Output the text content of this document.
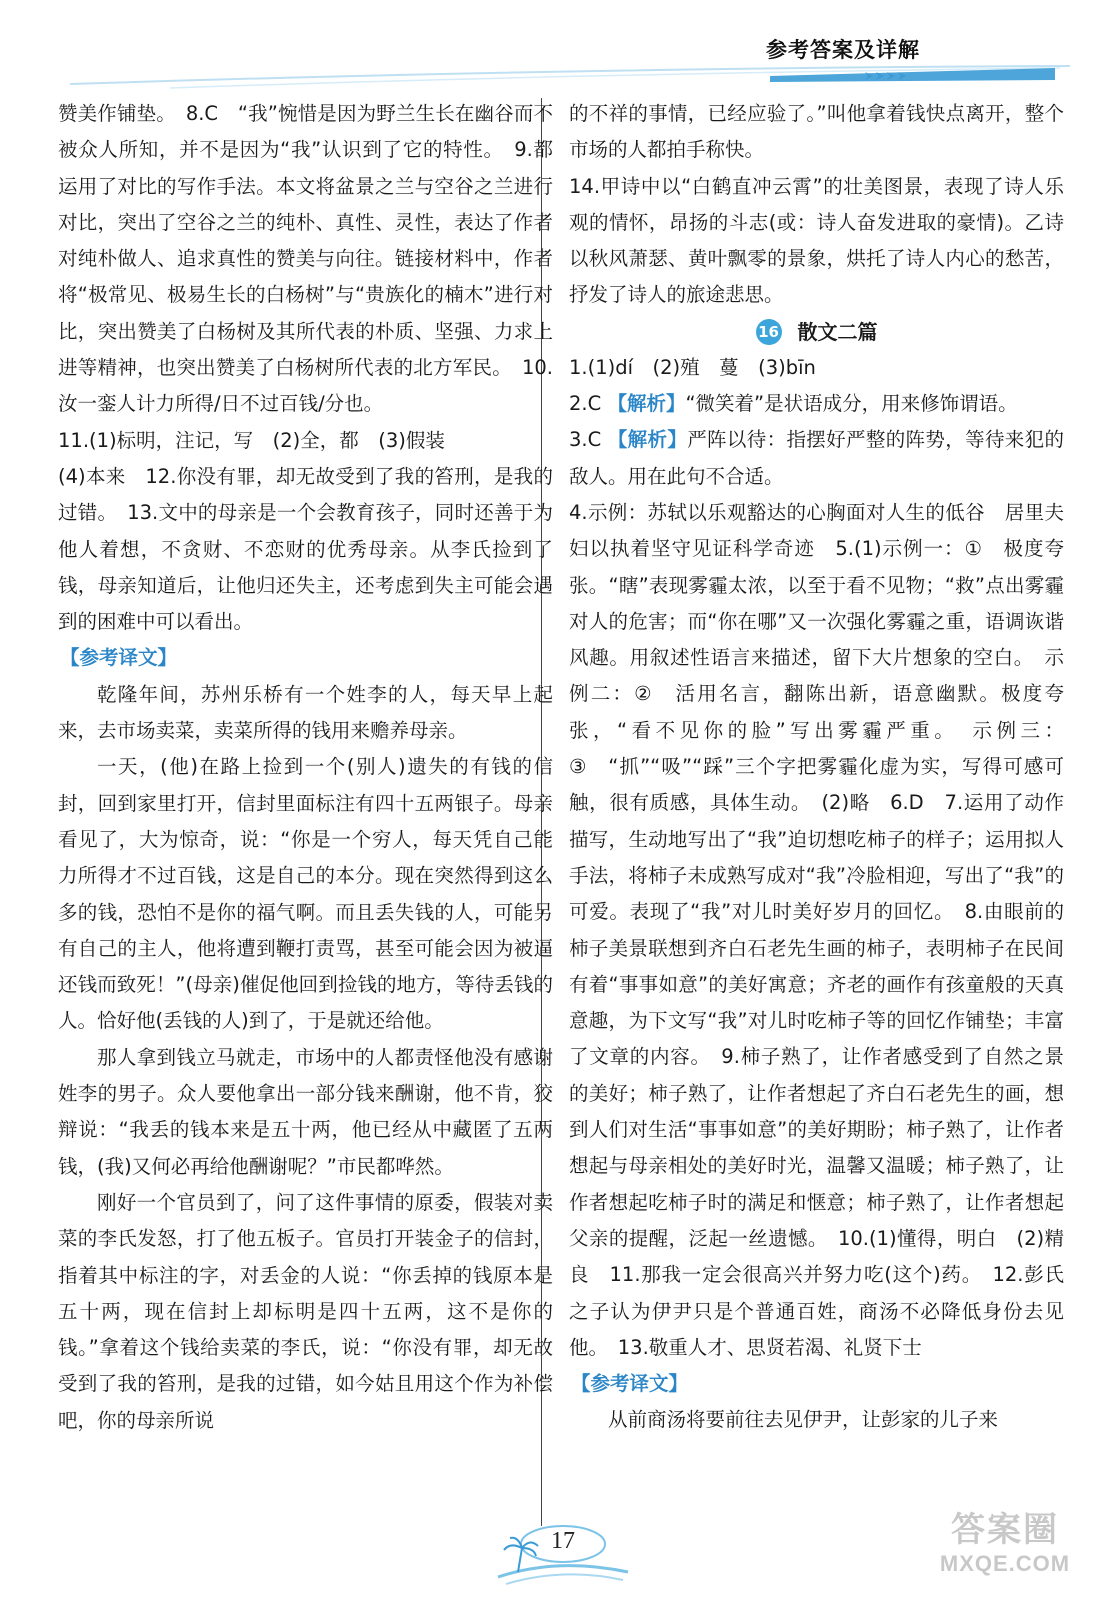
参考答案及详解

赞美作铺垫。　8.C　“我”惋惜是因为野兰生长在幽谷而不被众人所知，并不是因为“我”认识到了它的特性。　9.都运用了对比的写作手法。本文将盆景之兰与空谷之兰进行对比，突出了空谷之兰的纯朴、真性、灵性，表达了作者对纯朴做人、追求真性的赞美与向往。链接材料中，作者将“极常见、极易生长的白杨树”与“贵族化的楠木”进行对比，突出赞美了白杨树及其所代表的朴质、坚强、力求上进等精神，也突出赞美了白杨树所代表的北方军民。　10.汝一銮人计力所得/日不过百钱/分也。

11.(1)标明，注记，写　(2)全，都　(3)假装

(4)本来　12.你没有罪，却无故受到了我的笞刑，是我的过错。　13.文中的母亲是一个会教育孩子，同时还善于为他人着想，不贪财、不恋财的优秀母亲。从李氏捡到了钱，母亲知道后，让他归还失主，还考虑到失主可能会遇到的困难中可以看出。

【参考译文】

乾隆年间，苏州乐桥有一个姓李的人，每天早上起来，去市场卖菜，卖菜所得的钱用来赡养母亲。

一天，(他)在路上捡到一个(别人)遗失的有钱的信封，回到家里打开，信封里面标注有四十五两银子。母亲看见了，大为惊奇，说：“你是一个穷人，每天凭自己能力所得才不过百钱，这是自己的本分。现在突然得到这么多的钱，恐怕不是你的福气啊。而且丢失钱的人，可能另有自己的主人，他将遭到鞭打责骂，甚至可能会因为被逼还钱而致死！”(母亲)催促他回到捡钱的地方，等待丢钱的人。恰好他(丢钱的人)到了，于是就还给他。

那人拿到钱立马就走，市场中的人都责怪他没有感谢姓李的男子。众人要他拿出一部分钱来酬谢，他不肯，狡辩说：“我丢的钱本来是五十两，他已经从中藏匿了五两钱，(我)又何必再给他酬谢呢？”市民都哗然。

刚好一个官员到了，问了这件事情的原委，假装对卖菜的李氏发怒，打了他五板子。官员打开装金子的信封，指着其中标注的字，对丢金的人说：“你丢掉的钱原本是五十两，现在信封上却标明是四十五两，这不是你的钱。”拿着这个钱给卖菜的李氏，说：“你没有罪，却无故受到了我的笞刑，是我的过错，如今姑且用这个作为补偿吧，你的母亲所说

的不祥的事情，已经应验了。”叫他拿着钱快点离开，整个市场的人都拍手称快。

14.甲诗中以“白鹤直冲云霄”的壮美图景，表现了诗人乐观的情怀，昂扬的斗志(或：诗人奋发进取的豪情)。乙诗以秋风萧瑟、黄叶飘零的景象，烘托了诗人内心的愁苦，抒发了诗人的旅途悲思。

16 散文二篇

1.(1)dí　(2)殖　蔓　(3)bīn

2.C 【解析】“微笑着”是状语成分，用来修饰谓语。

3.C 【解析】严阵以待：指摆好严整的阵势，等待来犯的敌人。用在此句不合适。

4.示例：苏轼以乐观豁达的心胸面对人生的低谷　居里夫妇以执着坚守见证科学奇迹　5.(1)示例一：①　极度夸张。“瞎”表现雾霾太浓，以至于看不见物；“救”点出雾霾对人的危害；而“你在哪”又一次强化雾霾之重，语调诙谐风趣。用叙述性语言来描述，留下大片想象的空白。　示例二：②　活用名言，翻陈出新，语意幽默。极度夸张，“看不见你的脸”写出雾霾严重。　示例三：③　“抓”“吸”“踩”三个字把雾霾化虚为实，写得可感可触，很有质感，具体生动。　(2)略　6.D　7.运用了动作描写，生动地写出了“我”迫切想吃柿子的样子；运用拟人手法，将柿子未成熟写成对“我”冷脸相迎，写出了“我”的可爱。表现了“我”对儿时美好岁月的回忆。　8.由眼前的柿子美景联想到齐白石老先生画的柿子，表明柿子在民间有着“事事如意”的美好寓意；齐老的画作有孩童般的天真意趣，为下文写“我”对儿时吃柿子等的回忆作铺垫；丰富了文章的内容。　9.柿子熟了，让作者感受到了自然之景的美好；柿子熟了，让作者想起了齐白石老先生的画，想到人们对生活“事事如意”的美好期盼；柿子熟了，让作者想起与母亲相处的美好时光，温馨又温暖；柿子熟了，让作者想起吃柿子时的满足和惬意；柿子熟了，让作者想起父亲的提醒，泛起一丝遗憾。　10.(1)懂得，明白　(2)精良　11.那我一定会很高兴并努力吃(这个)药。　12.彭氏之子认为伊尹只是个普通百姓，商汤不必降低身份去见他。　13.敬重人才、思贤若渴、礼贤下士

【参考译文】

从前商汤将要前往去见伊尹，让彭家的儿子来

17	答案圈
MXQE.COM
